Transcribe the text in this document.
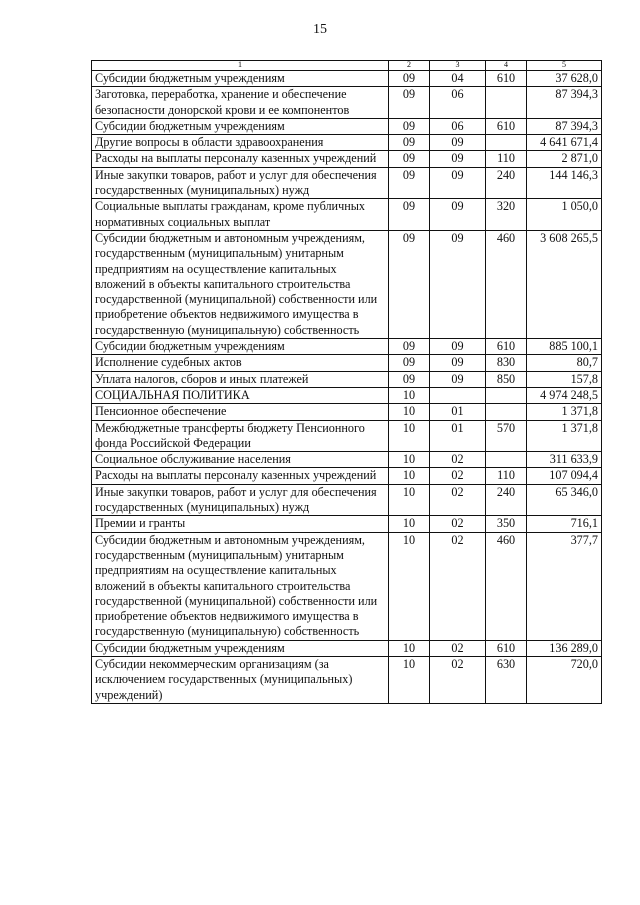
15
1	2	3	4	5
Субсидии бюджетным учреждениям	09	04	610	37 628,0
Заготовка, переработка, хранение и обеспечение безопасности донорской крови и ее компонентов	09	06		87 394,3
Субсидии бюджетным учреждениям	09	06	610	87 394,3
Другие вопросы в области здравоохранения	09	09		4 641 671,4
Расходы на выплаты персоналу казенных учреждений	09	09	110	2 871,0
Иные закупки товаров, работ и услуг для обеспечения государственных (муниципальных) нужд	09	09	240	144 146,3
Социальные выплаты гражданам, кроме публичных нормативных социальных выплат	09	09	320	1 050,0
Субсидии бюджетным и автономным учреждениям, государственным (муниципальным) унитарным предприятиям на осуществление капитальных вложений в объекты капитального строительства государственной (муниципальной) собственности или приобретение объектов недвижимого имущества в государственную (муниципальную) собственность	09	09	460	3 608 265,5
Субсидии бюджетным учреждениям	09	09	610	885 100,1
Исполнение судебных актов	09	09	830	80,7
Уплата налогов, сборов и иных платежей	09	09	850	157,8
СОЦИАЛЬНАЯ ПОЛИТИКА	10			4 974 248,5
Пенсионное обеспечение	10	01		1 371,8
Межбюджетные трансферты бюджету Пенсионного фонда Российской Федерации	10	01	570	1 371,8
Социальное обслуживание населения	10	02		311 633,9
Расходы на выплаты персоналу казенных учреждений	10	02	110	107 094,4
Иные закупки товаров, работ и услуг для обеспечения государственных (муниципальных) нужд	10	02	240	65 346,0
Премии и гранты	10	02	350	716,1
Субсидии бюджетным и автономным учреждениям, государственным (муниципальным) унитарным предприятиям на осуществление капитальных вложений в объекты капитального строительства государственной (муниципальной) собственности или приобретение объектов недвижимого имущества в государственную (муниципальную) собственность	10	02	460	377,7
Субсидии бюджетным учреждениям	10	02	610	136 289,0
Субсидии некоммерческим организациям (за исключением государственных (муниципальных) учреждений)	10	02	630	720,0
